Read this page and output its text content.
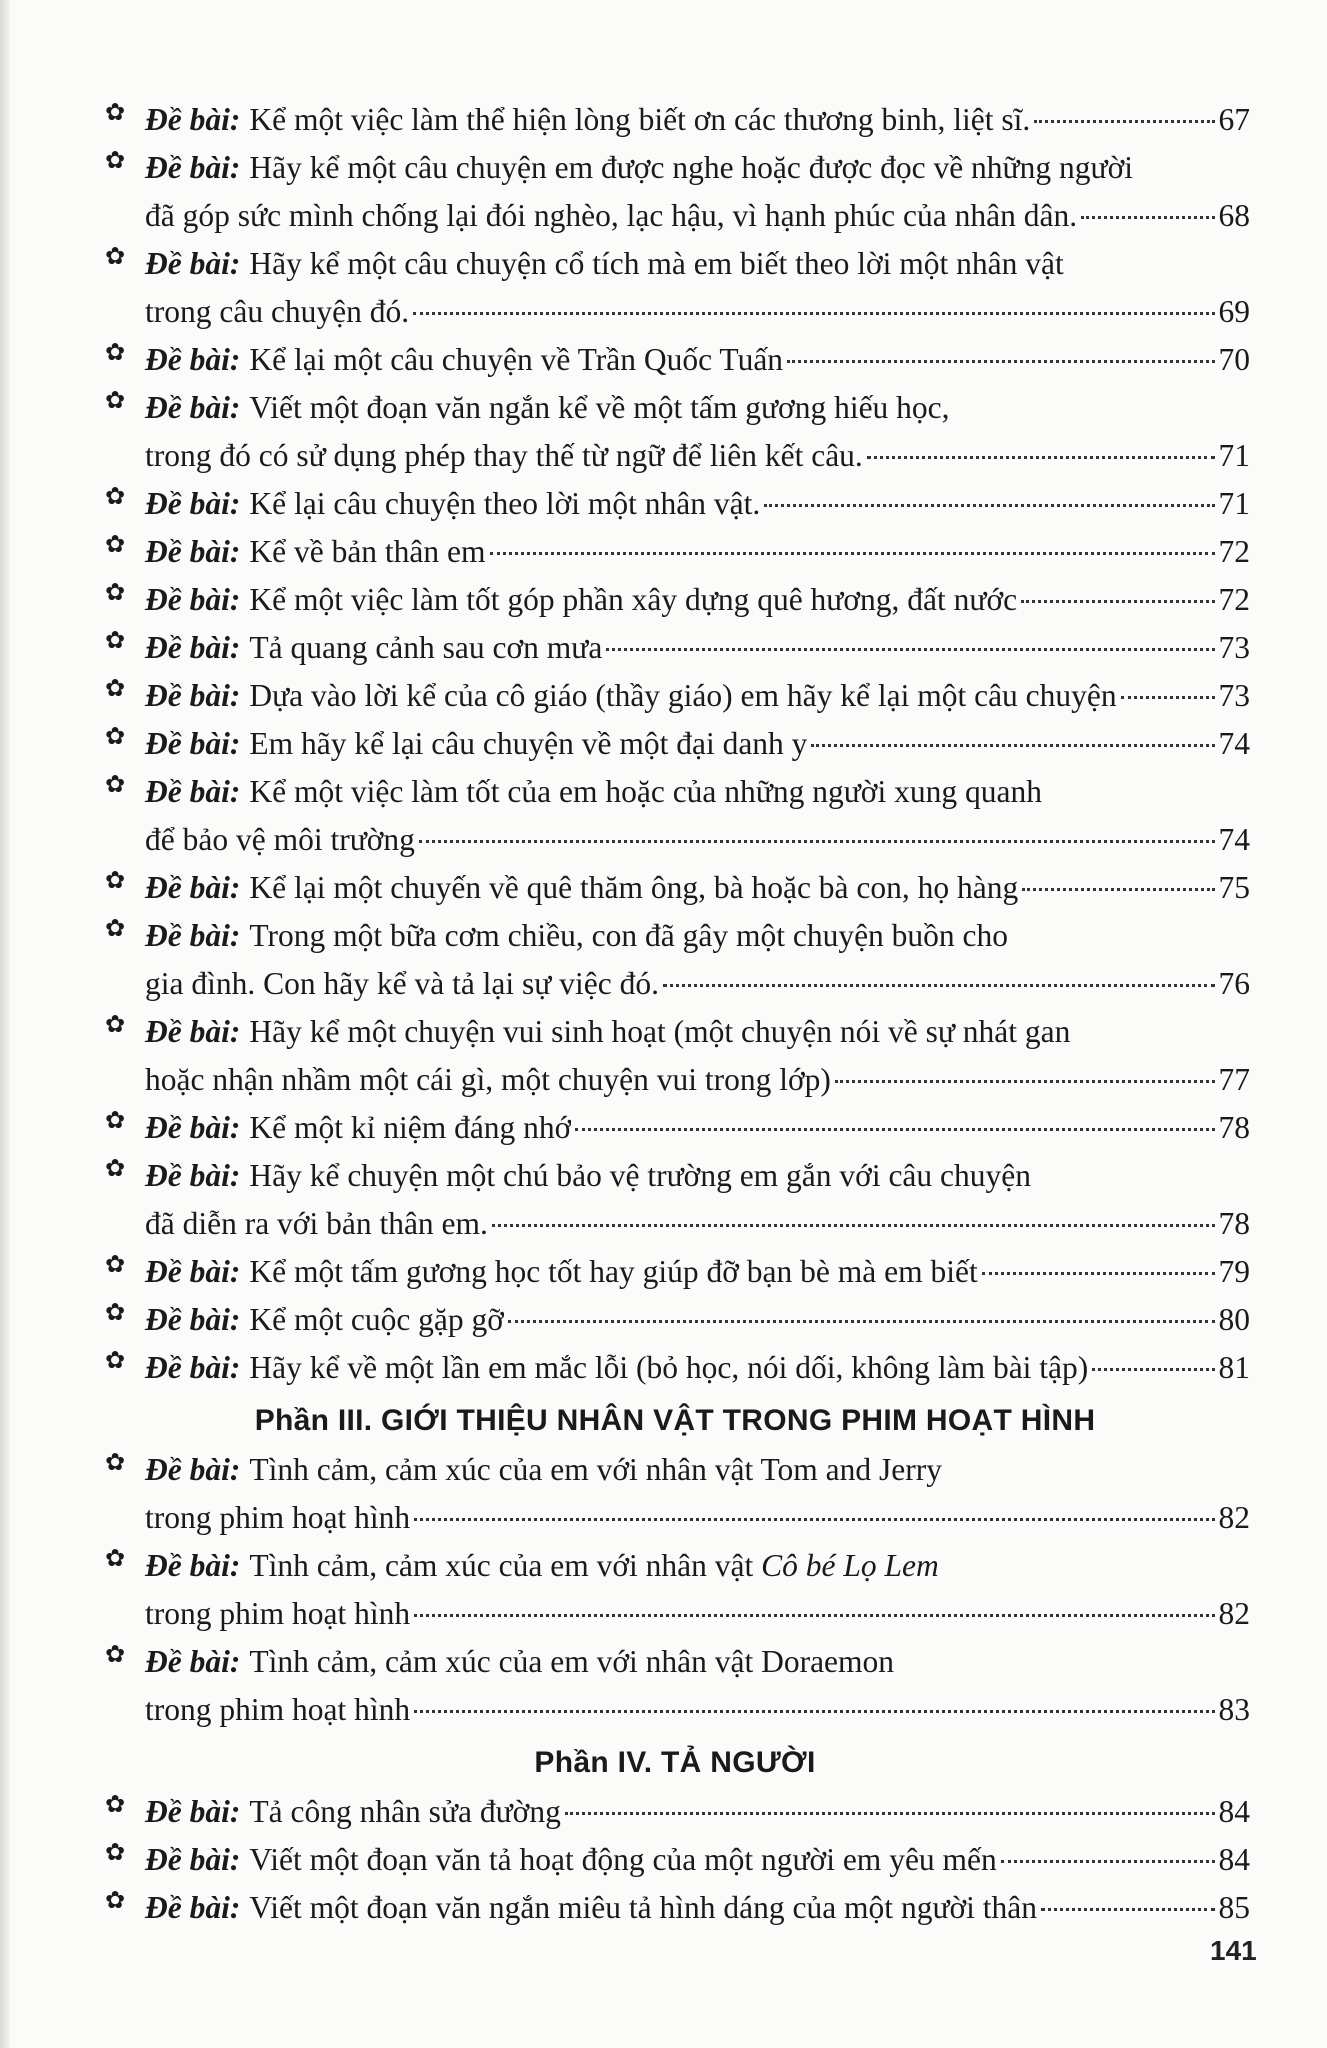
✿ Đề bài: Kể một việc làm thể hiện lòng biết ơn các thương binh, liệt sĩ.	67
✿ Đề bài: Hãy kể một câu chuyện em được nghe hoặc được đọc về những người
đã góp sức mình chống lại đói nghèo, lạc hậu, vì hạnh phúc của nhân dân.	68
✿ Đề bài: Hãy kể một câu chuyện cổ tích mà em biết theo lời một nhân vật
trong câu chuyện đó.	69
✿ Đề bài: Kể lại một câu chuyện về Trần Quốc Tuấn	70
✿ Đề bài: Viết một đoạn văn ngắn kể về một tấm gương hiếu học,
trong đó có sử dụng phép thay thế từ ngữ để liên kết câu.	71
✿ Đề bài: Kể lại câu chuyện theo lời một nhân vật.	71
✿ Đề bài: Kể về bản thân em	72
✿ Đề bài: Kể một việc làm tốt góp phần xây dựng quê hương, đất nước	72
✿ Đề bài: Tả quang cảnh sau cơn mưa	73
✿ Đề bài: Dựa vào lời kể của cô giáo (thầy giáo) em hãy kể lại một câu chuyện	73
✿ Đề bài: Em hãy kể lại câu chuyện về một đại danh y	74
✿ Đề bài: Kể một việc làm tốt của em hoặc của những người xung quanh
để bảo vệ môi trường	74
✿ Đề bài: Kể lại một chuyến về quê thăm ông, bà hoặc bà con, họ hàng	75
✿ Đề bài: Trong một bữa cơm chiều, con đã gây một chuyện buồn cho
gia đình. Con hãy kể và tả lại sự việc đó.	76
✿ Đề bài: Hãy kể một chuyện vui sinh hoạt (một chuyện nói về sự nhát gan
hoặc nhận nhầm một cái gì, một chuyện vui trong lớp)	77
✿ Đề bài: Kể một kỉ niệm đáng nhớ	78
✿ Đề bài: Hãy kể chuyện một chú bảo vệ trường em gắn với câu chuyện
đã diễn ra với bản thân em.	78
✿ Đề bài: Kể một tấm gương học tốt hay giúp đỡ bạn bè mà em biết	79
✿ Đề bài: Kể một cuộc gặp gỡ	80
✿ Đề bài: Hãy kể về một lần em mắc lỗi (bỏ học, nói dối, không làm bài tập)	81
Phần III. GIỚI THIỆU NHÂN VẬT TRONG PHIM HOẠT HÌNH
✿ Đề bài: Tình cảm, cảm xúc của em với nhân vật Tom and Jerry
trong phim hoạt hình	82
✿ Đề bài: Tình cảm, cảm xúc của em với nhân vật Cô bé Lọ Lem
trong phim hoạt hình	82
✿ Đề bài: Tình cảm, cảm xúc của em với nhân vật Doraemon
trong phim hoạt hình	83
Phần IV. TẢ NGƯỜI
✿ Đề bài: Tả công nhân sửa đường	84
✿ Đề bài: Viết một đoạn văn tả hoạt động của một người em yêu mến	84
✿ Đề bài: Viết một đoạn văn ngắn miêu tả hình dáng của một người thân	85
141
